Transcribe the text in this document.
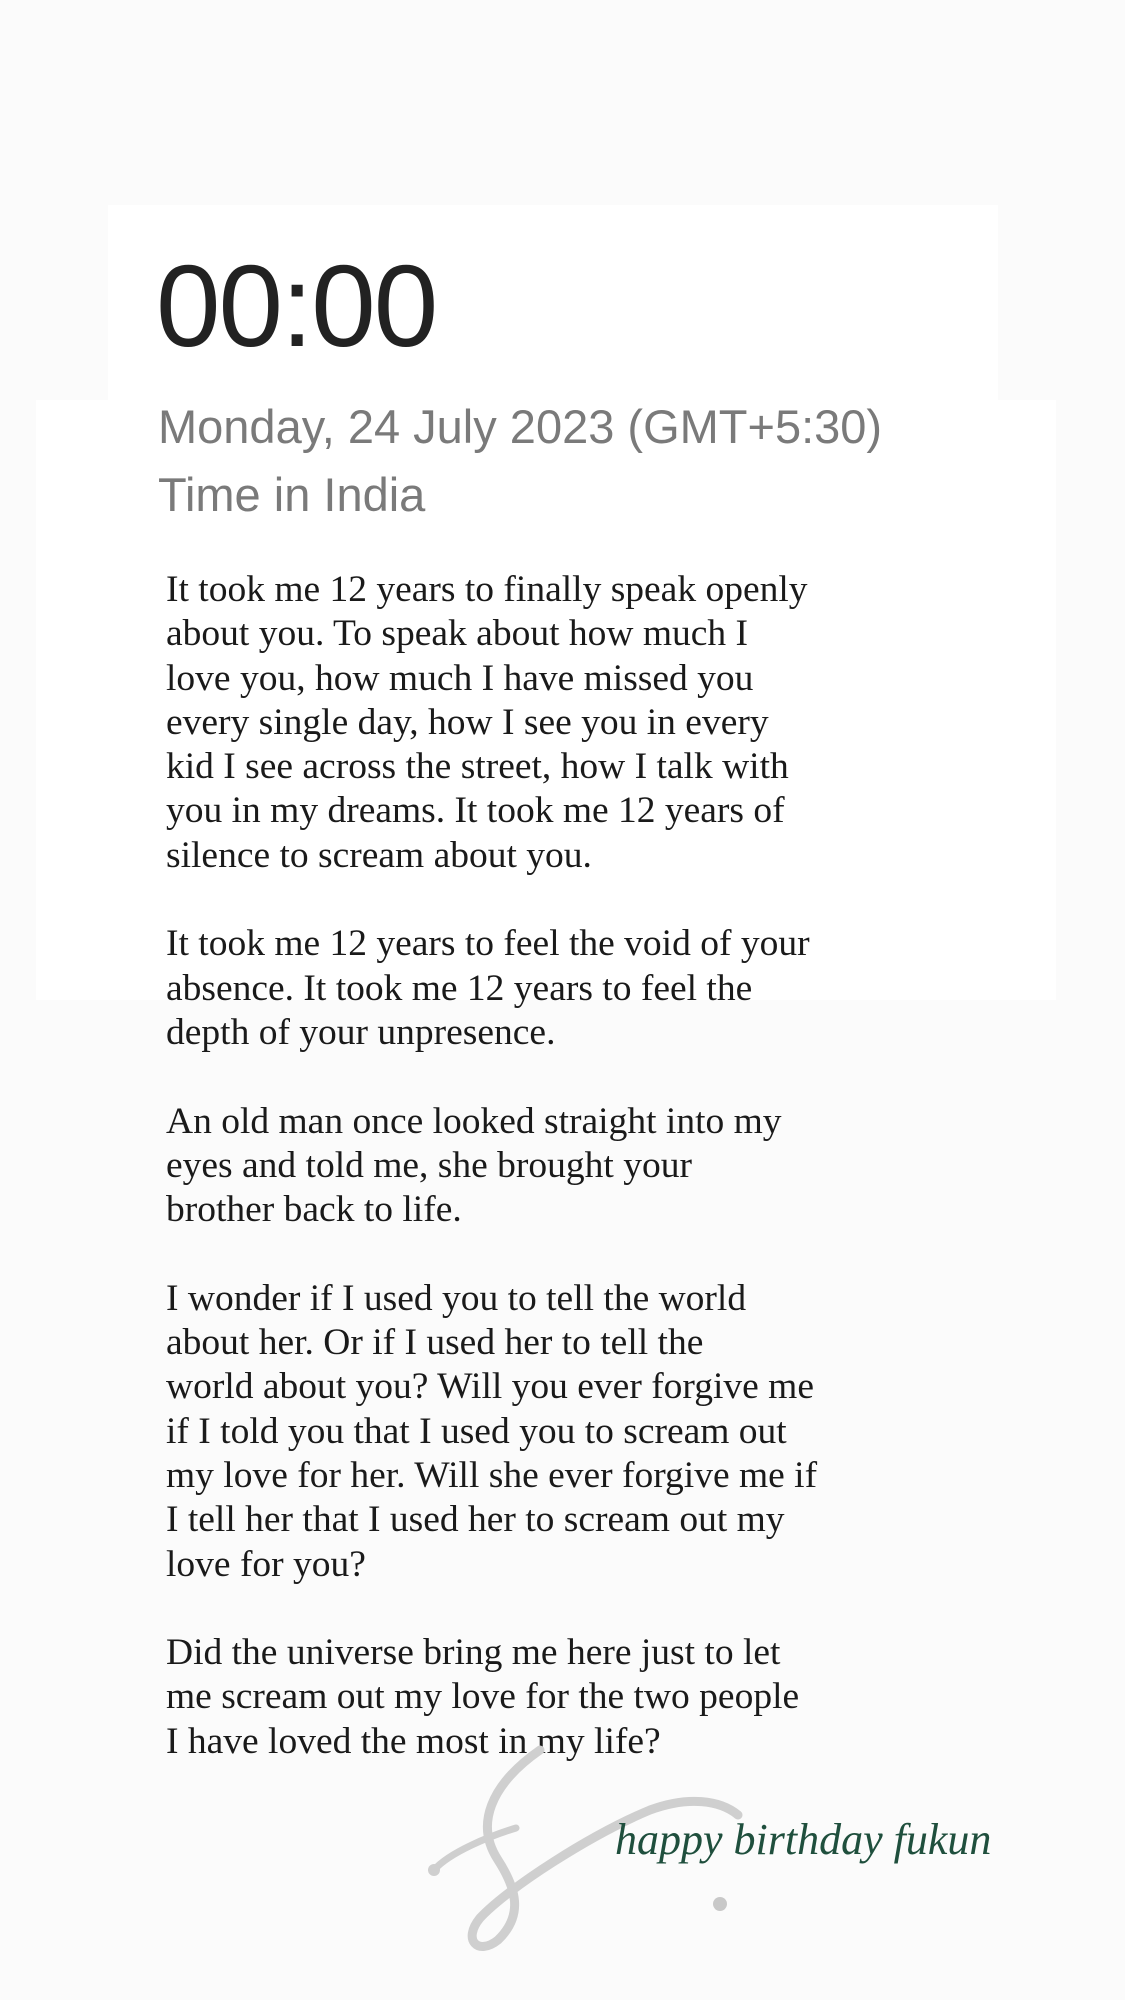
00:00
Monday, 24 July 2023 (GMT+5:30)
Time in India

It took me 12 years to finally speak openly
about you. To speak about how much I
love you, how much I have missed you
every single day, how I see you in every
kid I see across the street, how I talk with
you in my dreams. It took me 12 years of
silence to scream about you.

It took me 12 years to feel the void of your
absence. It took me 12 years to feel the
depth of your unpresence.

An old man once looked straight into my
eyes and told me, she brought your
brother back to life.

I wonder if I used you to tell the world
about her. Or if I used her to tell the
world about you? Will you ever forgive me
if I told you that I used you to scream out
my love for her. Will she ever forgive me if
I tell her that I used her to scream out my
love for you?

Did the universe bring me here just to let
me scream out my love for the two people
I have loved the most in my life?

happy birthday fukun
